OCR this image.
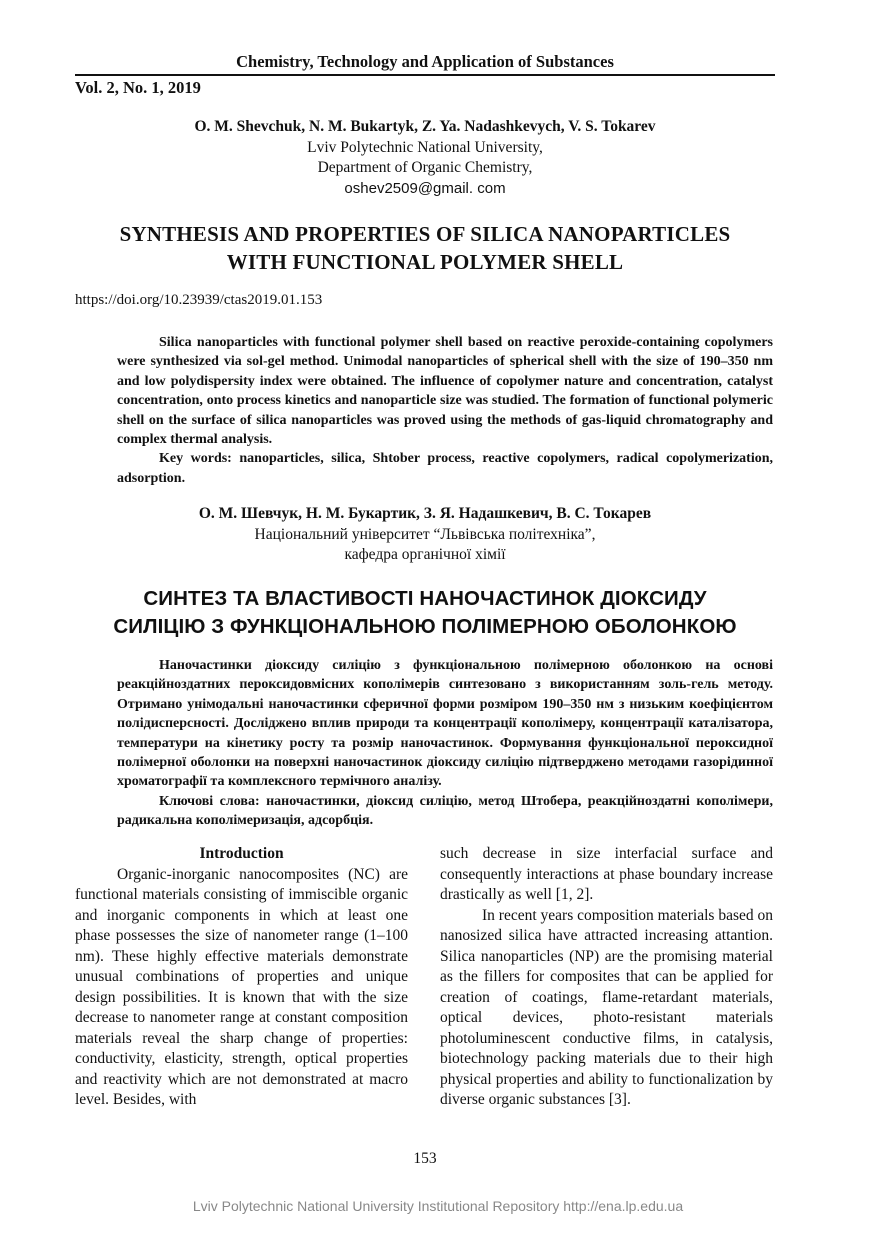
Chemistry, Technology and Application of Substances
Vol. 2, No. 1, 2019
O. M. Shevchuk, N. M. Bukartyk, Z. Ya. Nadashkevych, V. S. Tokarev
Lviv Polytechnic National University,
Department of Organic Chemistry,
oshev2509@gmail. com
SYNTHESIS AND PROPERTIES OF SILICA NANOPARTICLES
WITH FUNCTIONAL POLYMER SHELL
https://doi.org/10.23939/ctas2019.01.153

Silica nanoparticles with functional polymer shell based on reactive peroxide-containing copolymers were synthesized via sol-gel method. Unimodal nanoparticles of spherical shell with the size of 190–350 nm and low polydispersity index were obtained. The influence of copolymer nature and concentration, catalyst concentration, onto process kinetics and nanoparticle size was studied. The formation of functional polymeric shell on the surface of silica nanoparticles was proved using the methods of gas-liquid chromatography and complex thermal analysis.

Key words: nanoparticles, silica, Shtober process, reactive copolymers, radical copolymerization, adsorption.

О. М. Шевчук, Н. М. Букартик, З. Я. Надашкевич, В. С. Токарев
Національний університет “Львівська політехніка”,
кафедра органічної хімії
СИНТЕЗ ТА ВЛАСТИВОСТІ НАНОЧАСТИНОК ДІОКСИДУ
СИЛІЦІЮ З ФУНКЦІОНАЛЬНОЮ ПОЛІМЕРНОЮ ОБОЛОНКОЮ

Наночастинки діоксиду силіцію з функціональною полімерною оболонкою на основі реакційноздатних пероксидовмісних кополімерів синтезовано з використанням золь-гель методу. Отримано унімодальні наночастинки сферичної форми розміром 190–350 нм з низьким коефіцієнтом полідисперсності. Досліджено вплив природи та концентрації кополімеру, концентрації каталізатора, температури на кінетику росту та розмір наночастинок. Формування функціональної пероксидної полімерної оболонки на поверхні наночастинок діоксиду силіцію підтверджено методами газорідинної хроматографії та комплексного термічного аналізу.

Ключові слова: наночастинки, діоксид силіцію, метод Штобера, реакційноздатні кополімери, радикальна кополімеризація, адсорбція.

Introduction

Organic-inorganic nanocomposites (NC) are functional materials consisting of immiscible organic and inorganic components in which at least one phase possesses the size of nanometer range (1–100 nm). These highly effective materials demonstrate unusual combinations of properties and unique design possibilities. It is known that with the size decrease to nanometer range at constant composition materials reveal the sharp change of properties: conductivity, elasticity, strength, optical properties and reactivity which are not demonstrated at macro level. Besides, with

such decrease in size interfacial surface and consequently interactions at phase boundary increase drastically as well [1, 2].

In recent years composition materials based on nanosized silica have attracted increasing attantion. Silica nanoparticles (NP) are the promising material as the fillers for composites that can be applied for creation of coatings, flame-retardant materials, optical devices, photo-resistant materials photoluminescent conductive films, in catalysis, biotechnology packing materials due to their high physical properties and ability to functionalization by diverse organic substances [3].

153
Lviv Polytechnic National University Institutional Repository http://ena.lp.edu.ua
